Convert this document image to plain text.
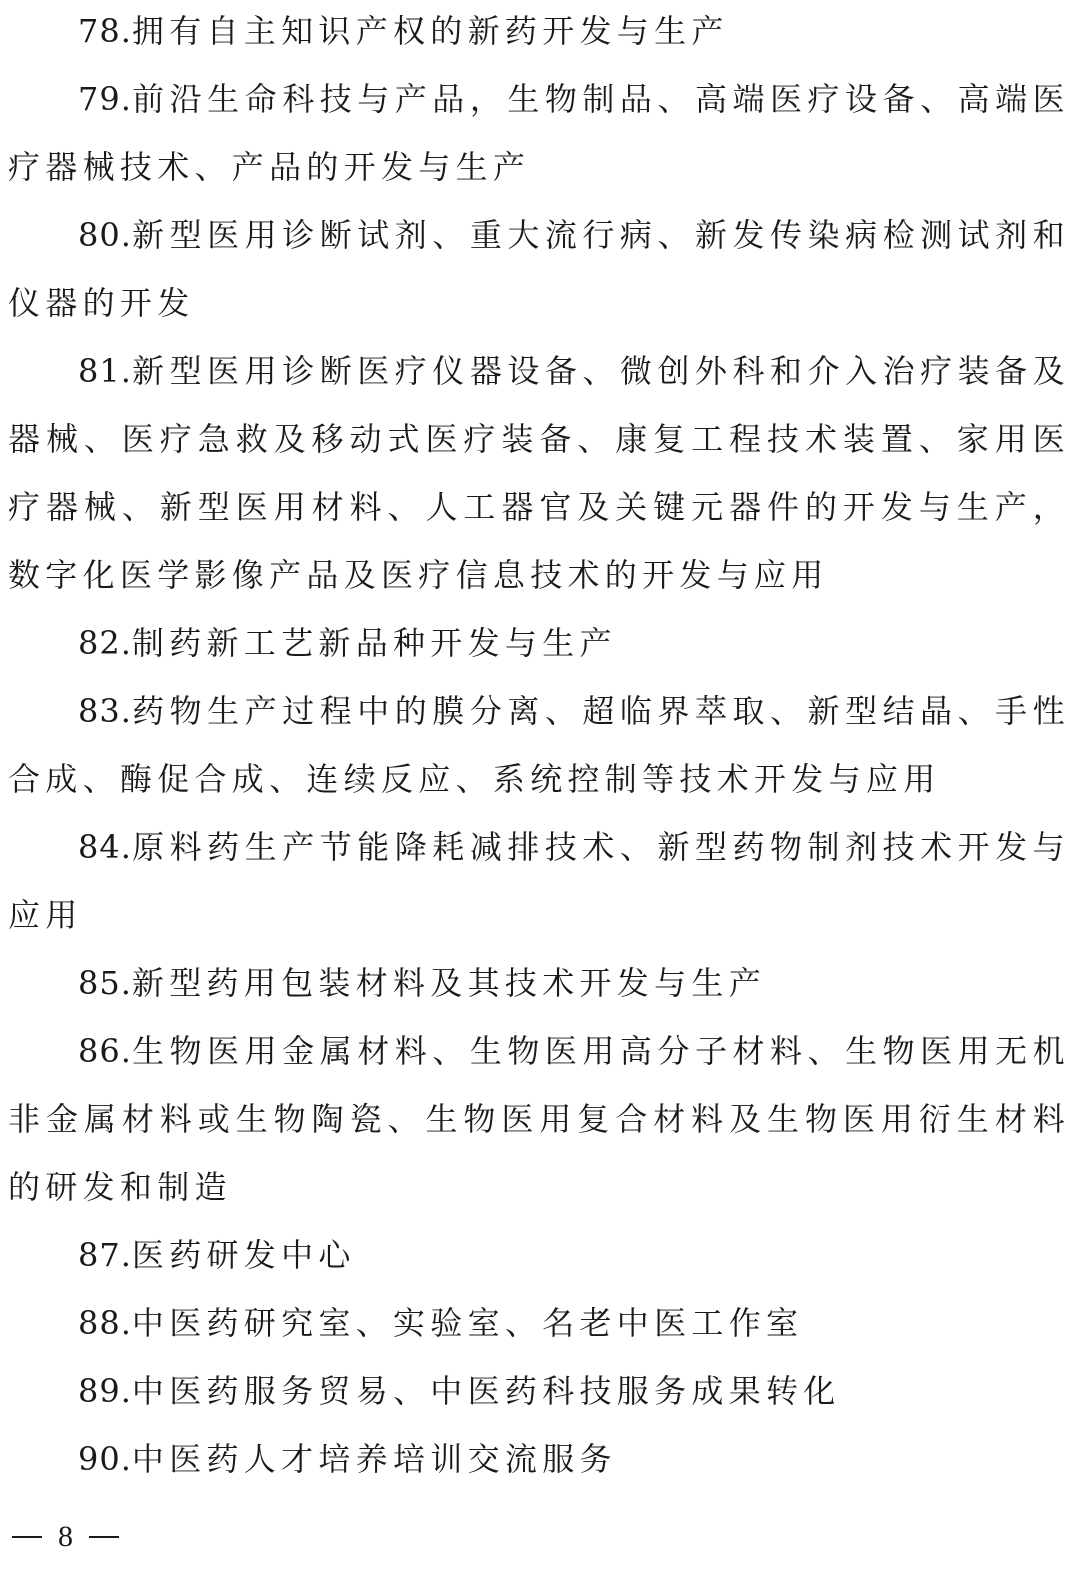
78.拥有自主知识产权的新药开发与生产

79.前沿生命科技与产品，生物制品、高端医疗设备、高端医疗器械技术、产品的开发与生产

80.新型医用诊断试剂、重大流行病、新发传染病检测试剂和仪器的开发

81.新型医用诊断医疗仪器设备、微创外科和介入治疗装备及器械、医疗急救及移动式医疗装备、康复工程技术装置、家用医疗器械、新型医用材料、人工器官及关键元器件的开发与生产，数字化医学影像产品及医疗信息技术的开发与应用

82.制药新工艺新品种开发与生产

83.药物生产过程中的膜分离、超临界萃取、新型结晶、手性合成、酶促合成、连续反应、系统控制等技术开发与应用

84.原料药生产节能降耗减排技术、新型药物制剂技术开发与应用

85.新型药用包装材料及其技术开发与生产

86.生物医用金属材料、生物医用高分子材料、生物医用无机非金属材料或生物陶瓷、生物医用复合材料及生物医用衍生材料的研发和制造

87.医药研发中心

88.中医药研究室、实验室、名老中医工作室

89.中医药服务贸易、中医药科技服务成果转化

90.中医药人才培养培训交流服务

8
